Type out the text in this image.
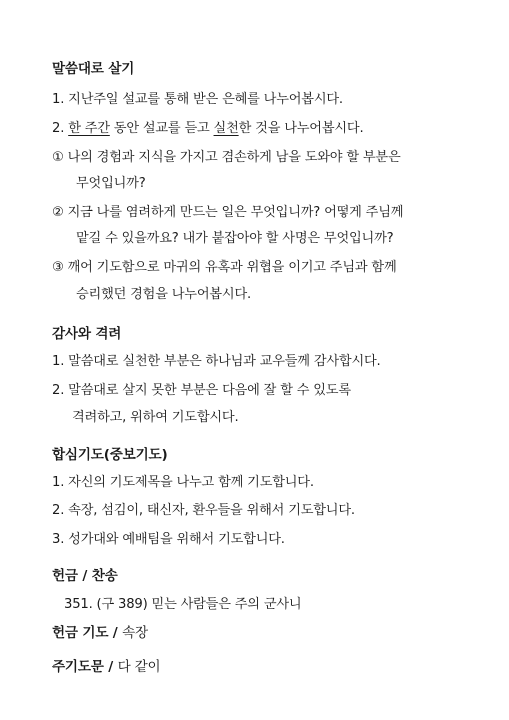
말씀대로 살기
1. 지난주일 설교를 통해 받은 은혜를 나누어봅시다.
2. 한 주간 동안 설교를 듣고 실천한 것을 나누어봅시다.
① 나의 경험과 지식을 가지고 겸손하게 남을 도와야 할 부분은
무엇입니까?
② 지금 나를 염려하게 만드는 일은 무엇입니까? 어떻게 주님께
맡길 수 있을까요? 내가 붙잡아야 할 사명은 무엇입니까?
③ 깨어 기도함으로 마귀의 유혹과 위협을 이기고 주님과 함께
승리했던 경험을 나누어봅시다.
감사와 격려
1. 말씀대로 실천한 부분은 하나님과 교우들께 감사합시다.
2. 말씀대로 살지 못한 부분은 다음에 잘 할 수 있도록
격려하고, 위하여 기도합시다.
합심기도(중보기도)
1. 자신의 기도제목을 나누고 함께 기도합니다.
2. 속장, 섬김이, 태신자, 환우들을 위해서 기도합니다.
3. 성가대와 예배팀을 위해서 기도합니다.
헌금 / 찬송
351. (구 389) 믿는 사람들은 주의 군사니
헌금 기도 / 속장
주기도문 / 다 같이
